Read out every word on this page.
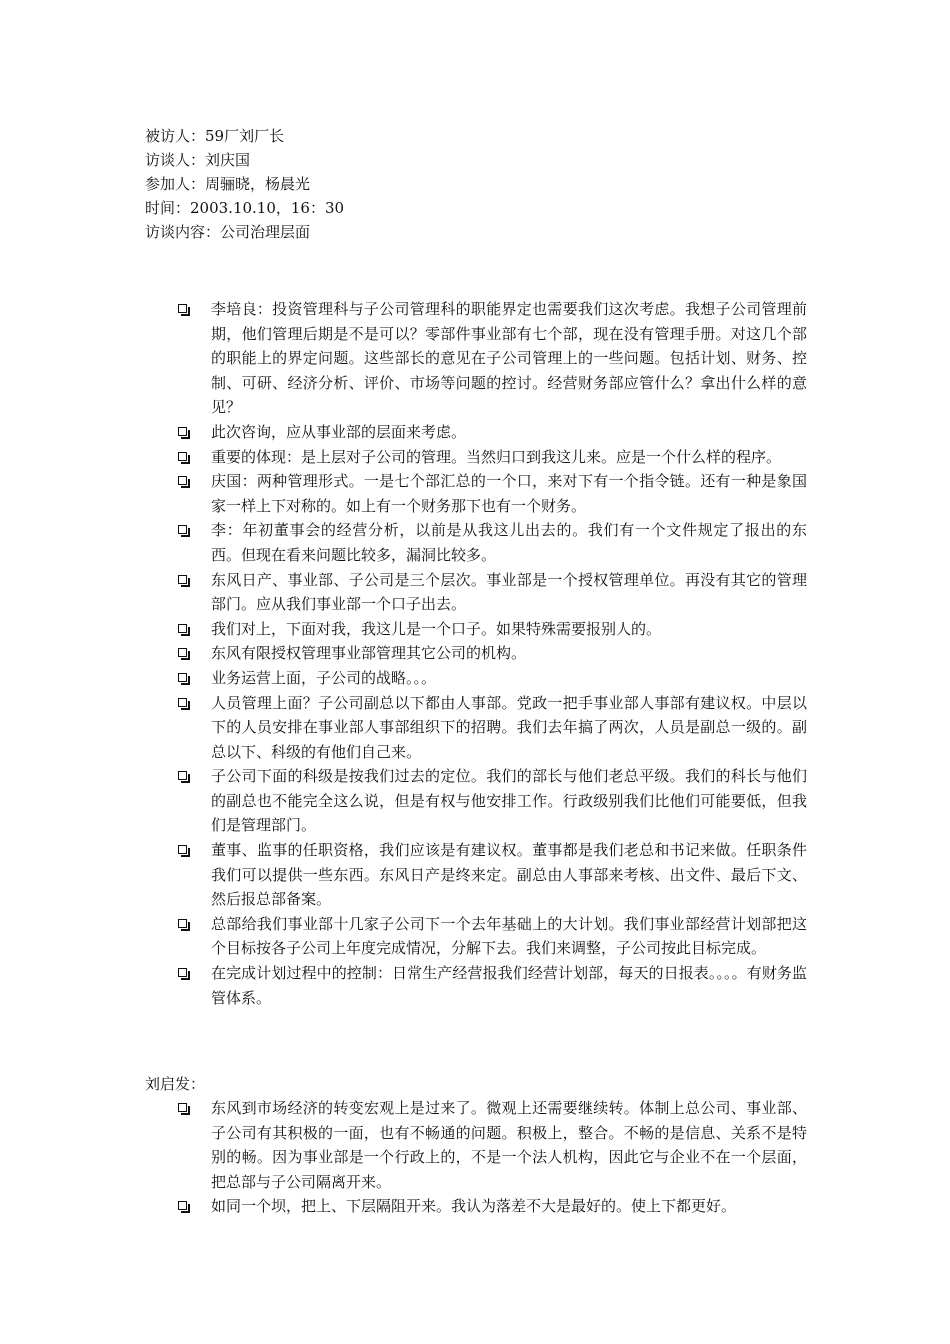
被访人：59厂刘厂长
访谈人：刘庆国
参加人：周骊晓，杨晨光
时间：2003.10.10，16：30
访谈内容：公司治理层面
李培良：投资管理科与子公司管理科的职能界定也需要我们这次考虑。我想子公司管理前期，他们管理后期是不是可以？零部件事业部有七个部，现在没有管理手册。对这几个部的职能上的界定问题。这些部长的意见在子公司管理上的一些问题。包括计划、财务、控制、可研、经济分析、评价、市场等问题的控讨。经营财务部应管什么？拿出什么样的意见？
此次咨询，应从事业部的层面来考虑。
重要的体现：是上层对子公司的管理。当然归口到我这儿来。应是一个什么样的程序。
庆国：两种管理形式。一是七个部汇总的一个口，来对下有一个指令链。还有一种是象国家一样上下对称的。如上有一个财务那下也有一个财务。
李：年初董事会的经营分析，以前是从我这儿出去的。我们有一个文件规定了报出的东西。但现在看来问题比较多，漏洞比较多。
东风日产、事业部、子公司是三个层次。事业部是一个授权管理单位。再没有其它的管理部门。应从我们事业部一个口子出去。
我们对上，下面对我，我这儿是一个口子。如果特殊需要报别人的。
东风有限授权管理事业部管理其它公司的机构。
业务运营上面，子公司的战略。。。
人员管理上面？子公司副总以下都由人事部。党政一把手事业部人事部有建议权。中层以下的人员安排在事业部人事部组织下的招聘。我们去年搞了两次，人员是副总一级的。副总以下、科级的有他们自己来。
子公司下面的科级是按我们过去的定位。我们的部长与他们老总平级。我们的科长与他们的副总也不能完全这么说，但是有权与他安排工作。行政级别我们比他们可能要低，但我们是管理部门。
董事、监事的任职资格，我们应该是有建议权。董事都是我们老总和书记来做。任职条件我们可以提供一些东西。东风日产是终来定。副总由人事部来考核、出文件、最后下文、然后报总部备案。
总部给我们事业部十几家子公司下一个去年基础上的大计划。我们事业部经营计划部把这个目标按各子公司上年度完成情况，分解下去。我们来调整，子公司按此目标完成。
在完成计划过程中的控制：日常生产经营报我们经营计划部，每天的日报表。。。。有财务监管体系。
刘启发：
东风到市场经济的转变宏观上是过来了。微观上还需要继续转。体制上总公司、事业部、子公司有其积极的一面，也有不畅通的问题。积极上，整合。不畅的是信息、关系不是特别的畅。因为事业部是一个行政上的，不是一个法人机构，因此它与企业不在一个层面，把总部与子公司隔离开来。
如同一个坝，把上、下层隔阻开来。我认为落差不大是最好的。使上下都更好。
